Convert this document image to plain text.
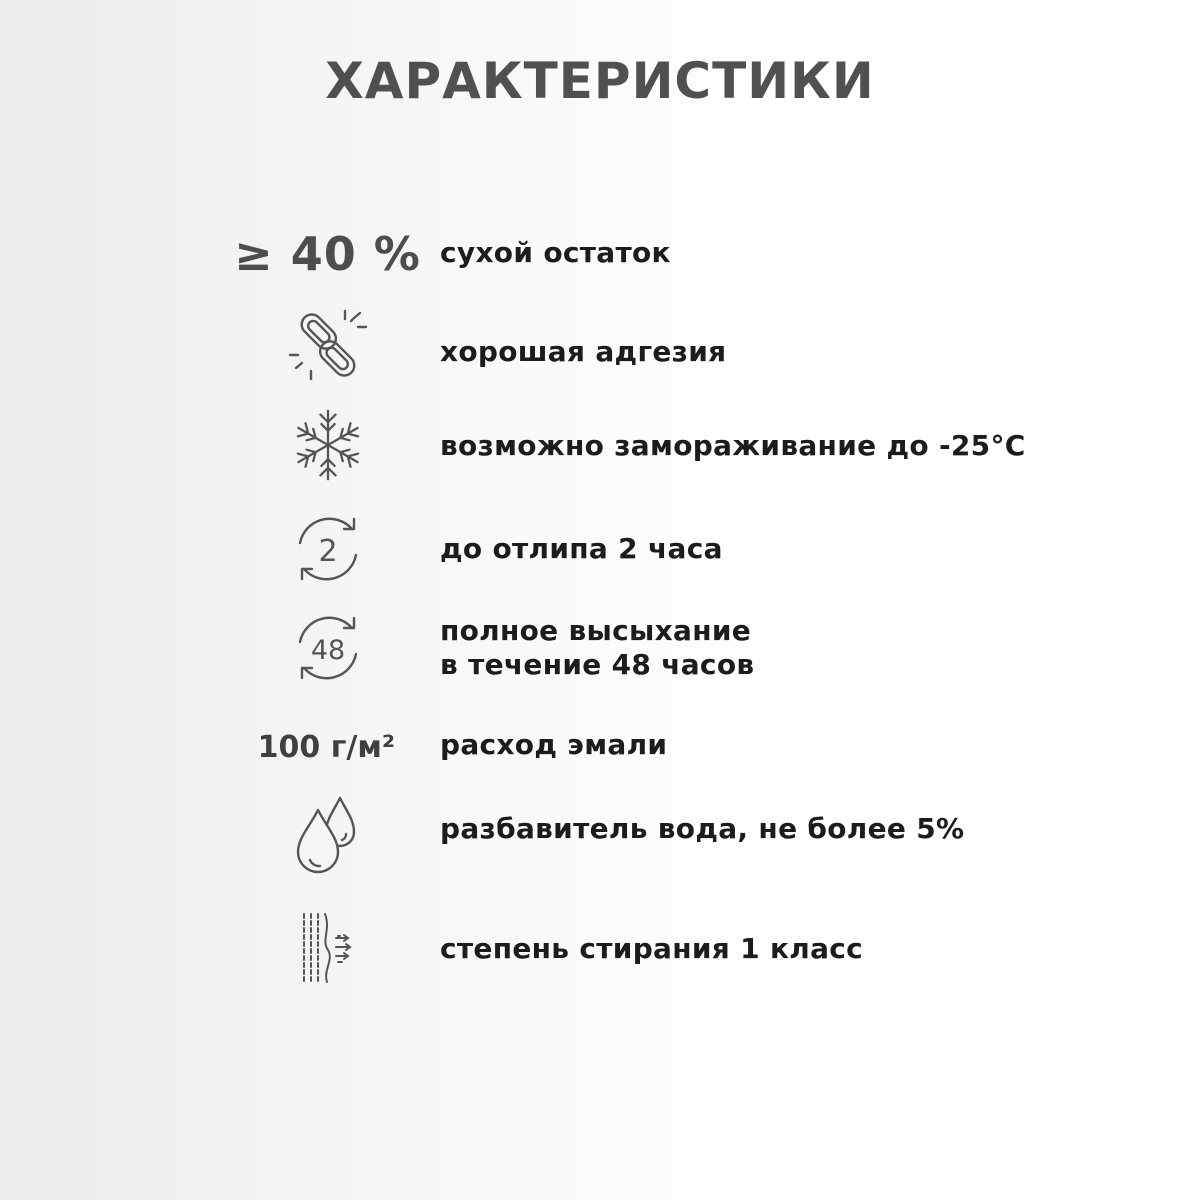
ХАРАКТЕРИСТИКИ
≥ 40 % сухой остаток
хорошая адгезия
возможно замораживание до -25°С
2	до отлипа 2 часа
48
полное высыхание
в течение 48 часов
100 г/м² расход эмали
разбавитель вода, не более 5%
степень стирания 1 класс
